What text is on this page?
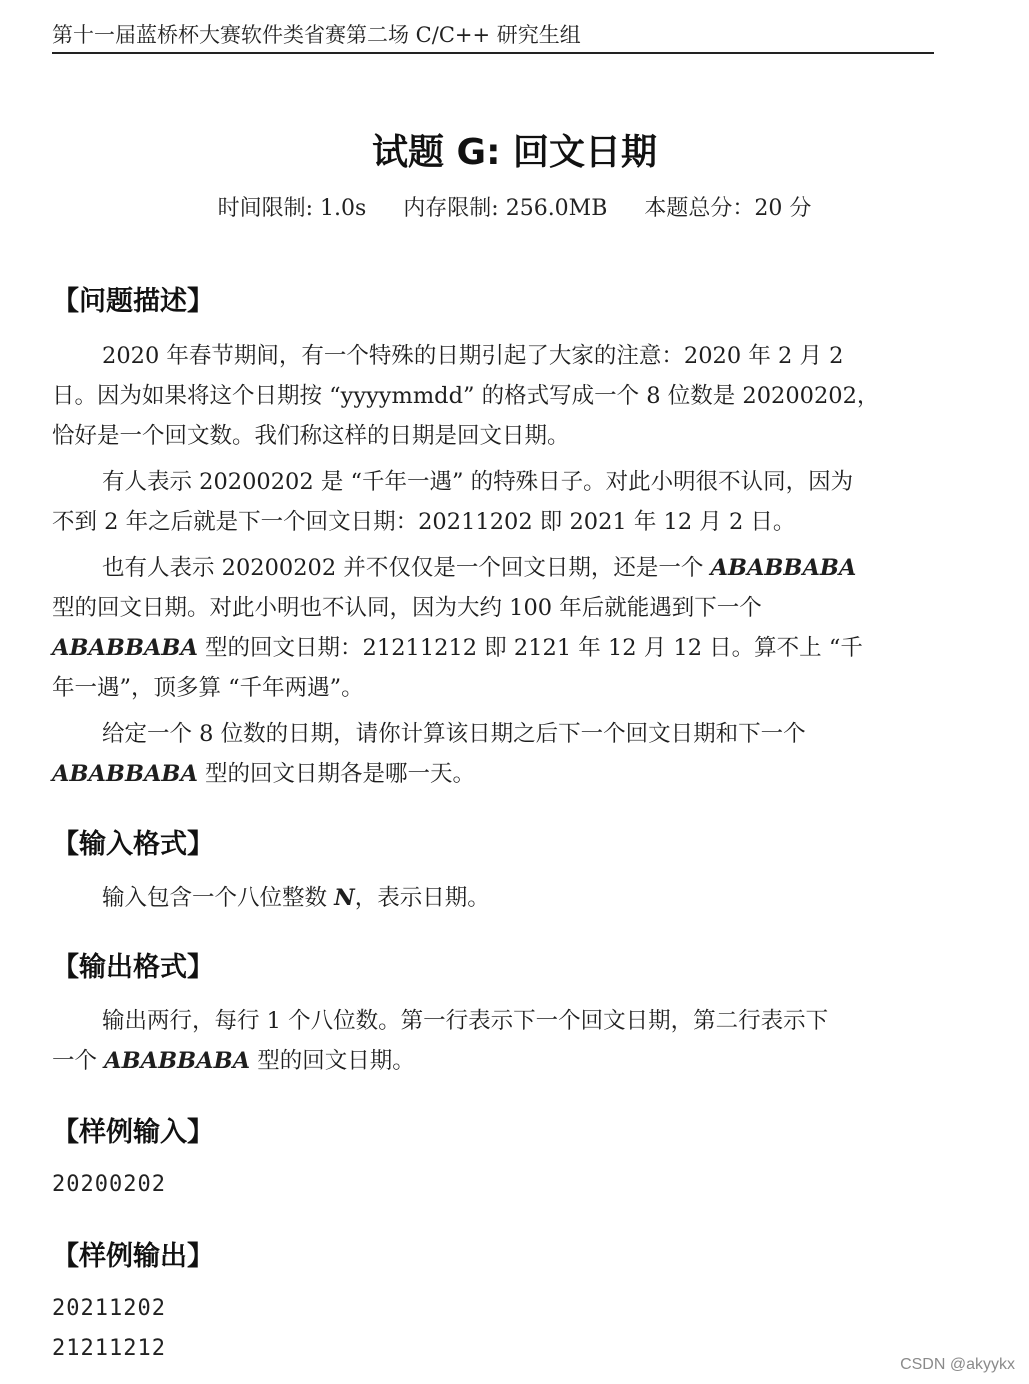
第十一届蓝桥杯大赛软件类省赛第二场 C/C++ 研究生组
试题 G: 回文日期
时间限制: 1.0s 内存限制: 256.0MB 本题总分：20 分
【问题描述】
2020 年春节期间，有一个特殊的日期引起了大家的注意：2020 年 2 月 2
日。因为如果将这个日期按 “yyyymmdd” 的格式写成一个 8 位数是 20200202，
恰好是一个回文数。我们称这样的日期是回文日期。
有人表示 20200202 是 “千年一遇” 的特殊日子。对此小明很不认同，因为
不到 2 年之后就是下一个回文日期：20211202 即 2021 年 12 月 2 日。
也有人表示 20200202 并不仅仅是一个回文日期，还是一个 ABABBABA
型的回文日期。对此小明也不认同，因为大约 100 年后就能遇到下一个
ABABBABA 型的回文日期：21211212 即 2121 年 12 月 12 日。算不上 “千
年一遇”，顶多算 “千年两遇”。
给定一个 8 位数的日期，请你计算该日期之后下一个回文日期和下一个
ABABBABA 型的回文日期各是哪一天。
【输入格式】
输入包含一个八位整数 N，表示日期。
【输出格式】
输出两行，每行 1 个八位数。第一行表示下一个回文日期，第二行表示下
一个 ABABBABA 型的回文日期。
【样例输入】
20200202
【样例输出】
20211202
21211212
CSDN @akyykx
